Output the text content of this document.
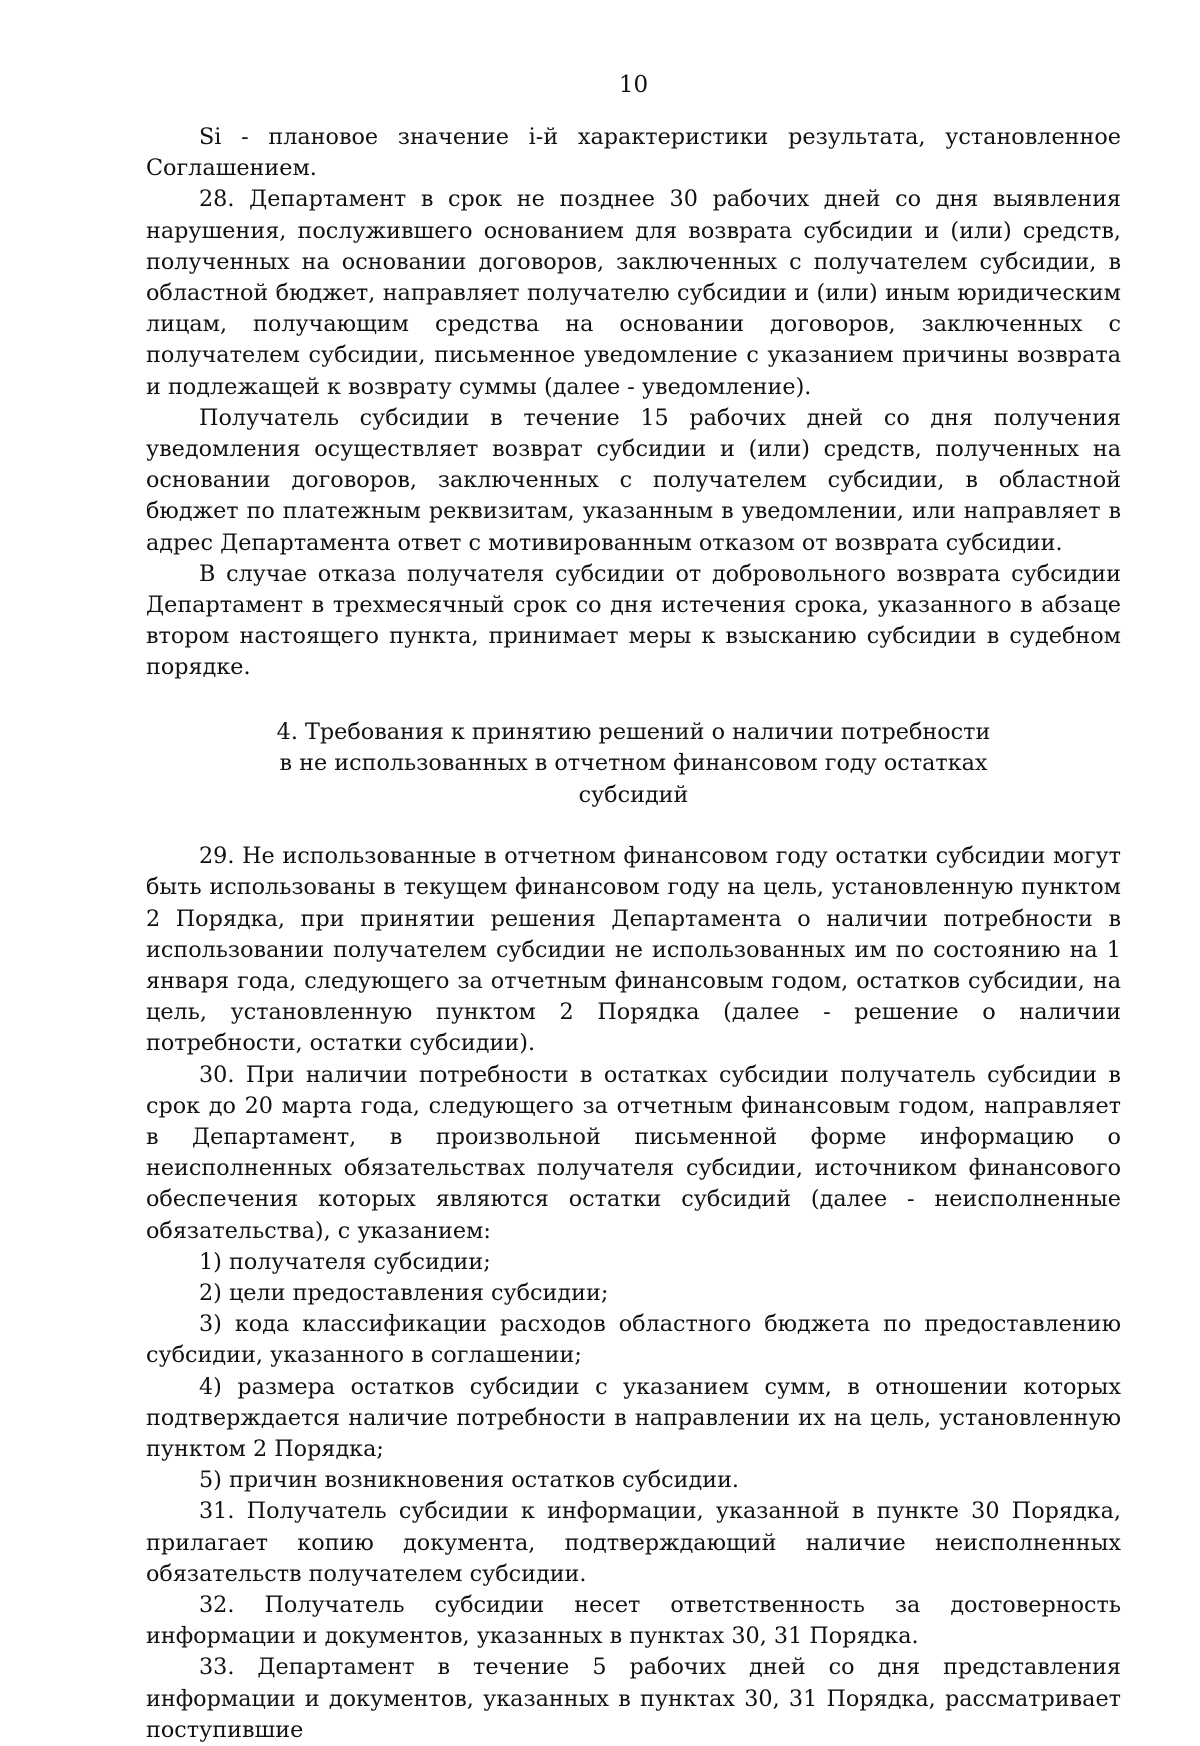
10

Si - плановое значение i-й характеристики результата, установленное Соглашением.

28. Департамент в срок не позднее 30 рабочих дней со дня выявления нарушения, послужившего основанием для возврата субсидии и (или) средств, полученных на основании договоров, заключенных с получателем субсидии, в областной бюджет, направляет получателю субсидии и (или) иным юридическим лицам, получающим средства на основании договоров, заключенных с получателем субсидии, письменное уведомление с указанием причины возврата и подлежащей к возврату суммы (далее - уведомление).

Получатель субсидии в течение 15 рабочих дней со дня получения уведомления осуществляет возврат субсидии и (или) средств, полученных на основании договоров, заключенных с получателем субсидии, в областной бюджет по платежным реквизитам, указанным в уведомлении, или направляет в адрес Департамента ответ с мотивированным отказом от возврата субсидии.

В случае отказа получателя субсидии от добровольного возврата субсидии Департамент в трехмесячный срок со дня истечения срока, указанного в абзаце втором настоящего пункта, принимает меры к взысканию субсидии в судебном порядке.

4. Требования к принятию решений о наличии потребности
в не использованных в отчетном финансовом году остатках
субсидий

29. Не использованные в отчетном финансовом году остатки субсидии могут быть использованы в текущем финансовом году на цель, установленную пунктом 2 Порядка, при принятии решения Департамента о наличии потребности в использовании получателем субсидии не использованных им по состоянию на 1 января года, следующего за отчетным финансовым годом, остатков субсидии, на цель, установленную пунктом 2 Порядка (далее - решение о наличии потребности, остатки субсидии).

30. При наличии потребности в остатках субсидии получатель субсидии в срок до 20 марта года, следующего за отчетным финансовым годом, направляет в Департамент, в произвольной письменной форме информацию о неисполненных обязательствах получателя субсидии, источником финансового обеспечения которых являются остатки субсидий (далее - неисполненные обязательства), с указанием:

1) получателя субсидии;

2) цели предоставления субсидии;

3) кода классификации расходов областного бюджета по предоставлению субсидии, указанного в соглашении;

4) размера остатков субсидии с указанием сумм, в отношении которых подтверждается наличие потребности в направлении их на цель, установленную пунктом 2 Порядка;

5) причин возникновения остатков субсидии.

31. Получатель субсидии к информации, указанной в пункте 30 Порядка, прилагает копию документа, подтверждающий наличие неисполненных обязательств получателем субсидии.

32. Получатель субсидии несет ответственность за достоверность информации и документов, указанных в пунктах 30, 31 Порядка.

33. Департамент в течение 5 рабочих дней со дня представления информации и документов, указанных в пунктах 30, 31 Порядка, рассматривает поступившие
